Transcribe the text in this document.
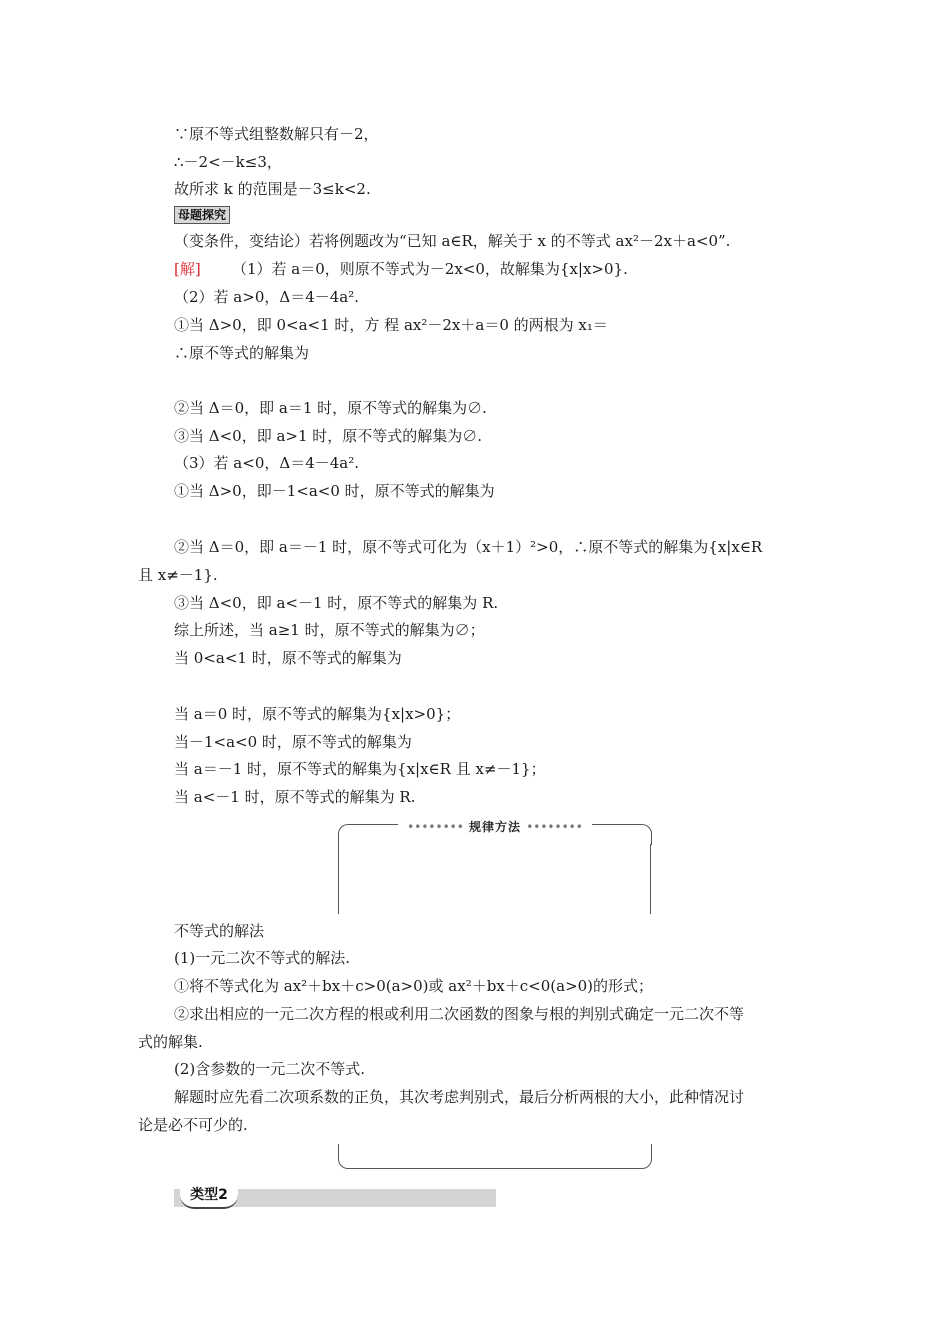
∵原不等式组整数解只有－2，
∴－2<－k≤3，
故所求 k 的范围是－3≤k<2.
母题探究
（变条件，变结论）若将例题改为“已知 a∈R，解关于 x 的不等式 ax²－2x＋a<0”.
[解] （1）若 a＝0，则原不等式为－2x<0，故解集为{x|x>0}.
（2）若 a>0，Δ＝4－4a².
①当 Δ>0，即 0<a<1 时，方 程 ax²－2x＋a＝0 的两根为 x₁＝
∴原不等式的解集为
②当 Δ＝0，即 a＝1 时，原不等式的解集为∅.
③当 Δ<0，即 a>1 时，原不等式的解集为∅.
（3）若 a<0，Δ＝4－4a².
①当 Δ>0，即－1<a<0 时，原不等式的解集为
②当 Δ＝0，即 a＝－1 时，原不等式可化为（x＋1）²>0，∴原不等式的解集为{x|x∈R
且 x≠－1}.
③当 Δ<0，即 a<－1 时，原不等式的解集为 R.
综上所述，当 a≥1 时，原不等式的解集为∅；
当 0<a<1 时，原不等式的解集为
当 a＝0 时，原不等式的解集为{x|x>0}；
当－1<a<0 时，原不等式的解集为
当 a＝－1 时，原不等式的解集为{x|x∈R 且 x≠－1}；
当 a<－1 时，原不等式的解集为 R.
•••••••• 规律方法 ••••••••
不等式的解法
(1)一元二次不等式的解法.
①将不等式化为 ax²＋bx＋c>0(a>0)或 ax²＋bx＋c<0(a>0)的形式；
②求出相应的一元二次方程的根或利用二次函数的图象与根的判别式确定一元二次不等
式的解集.
(2)含参数的一元二次不等式.
解题时应先看二次项系数的正负，其次考虑判别式，最后分析两根的大小，此种情况讨
论是必不可少的.
类型2
